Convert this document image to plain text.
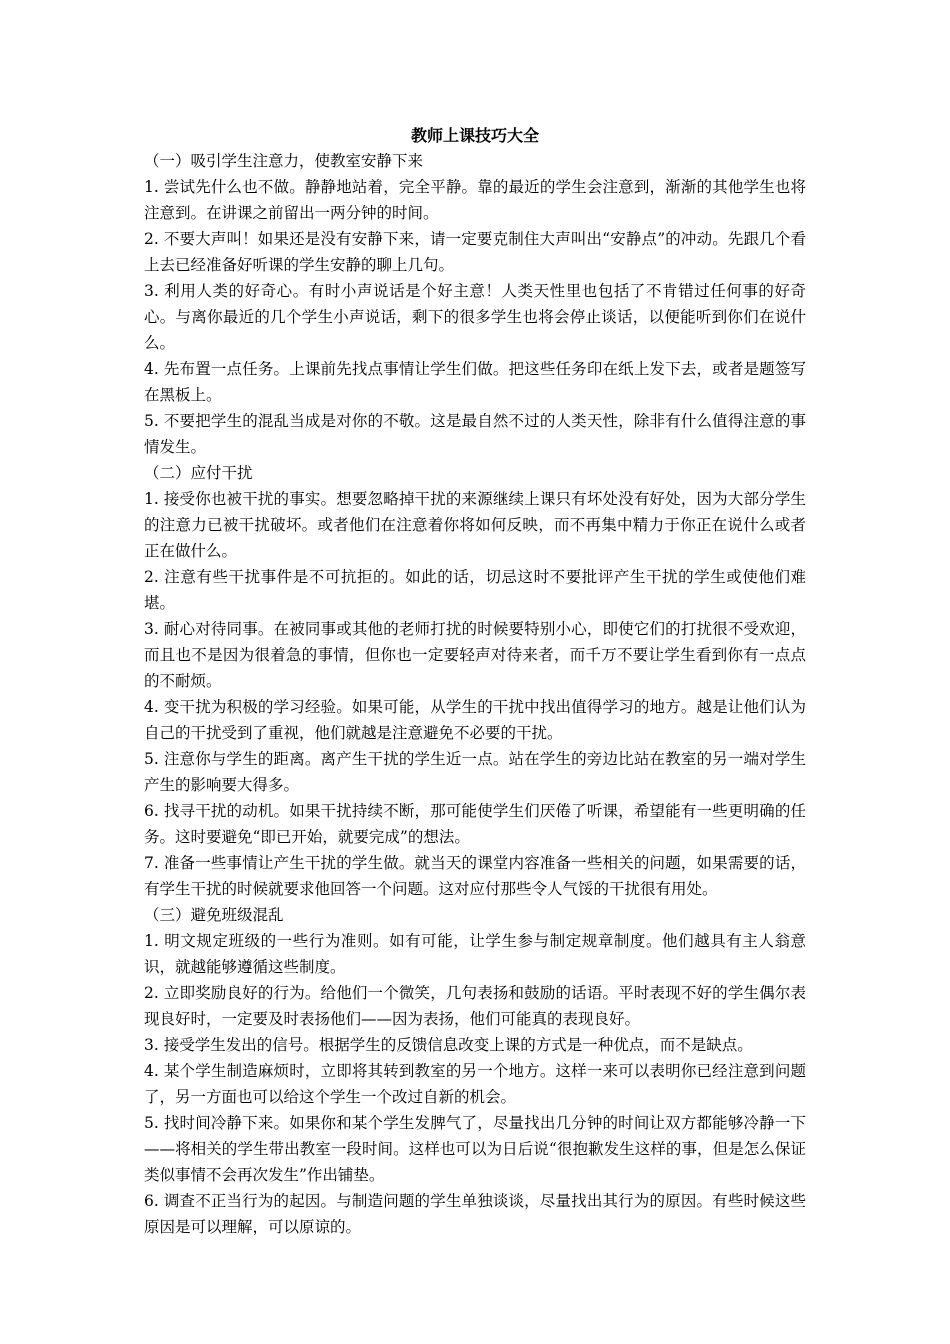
教师上课技巧大全

（一）吸引学生注意力，使教室安静下来

1. 尝试先什么也不做。静静地站着，完全平静。靠的最近的学生会注意到，渐渐的其他学生也将注意到。在讲课之前留出一两分钟的时间。

2. 不要大声叫！如果还是没有安静下来，请一定要克制住大声叫出“安静点”的冲动。先跟几个看上去已经准备好听课的学生安静的聊上几句。

3. 利用人类的好奇心。有时小声说话是个好主意！人类天性里也包括了不肯错过任何事的好奇心。与离你最近的几个学生小声说话，剩下的很多学生也将会停止谈话，以便能听到你们在说什么。

4. 先布置一点任务。上课前先找点事情让学生们做。把这些任务印在纸上发下去，或者是题签写在黑板上。

5. 不要把学生的混乱当成是对你的不敬。这是最自然不过的人类天性，除非有什么值得注意的事情发生。

（二）应付干扰

1. 接受你也被干扰的事实。想要忽略掉干扰的来源继续上课只有坏处没有好处，因为大部分学生的注意力已被干扰破坏。或者他们在注意着你将如何反映，而不再集中精力于你正在说什么或者正在做什么。

2. 注意有些干扰事件是不可抗拒的。如此的话，切忌这时不要批评产生干扰的学生或使他们难堪。

3. 耐心对待同事。在被同事或其他的老师打扰的时候要特别小心，即使它们的打扰很不受欢迎，而且也不是因为很着急的事情，但你也一定要轻声对待来者，而千万不要让学生看到你有一点点的不耐烦。

4. 变干扰为积极的学习经验。如果可能，从学生的干扰中找出值得学习的地方。越是让他们认为自己的干扰受到了重视，他们就越是注意避免不必要的干扰。

5. 注意你与学生的距离。离产生干扰的学生近一点。站在学生的旁边比站在教室的另一端对学生产生的影响要大得多。

6. 找寻干扰的动机。如果干扰持续不断，那可能使学生们厌倦了听课，希望能有一些更明确的任务。这时要避免“即已开始，就要完成”的想法。

7. 准备一些事情让产生干扰的学生做。就当天的课堂内容准备一些相关的问题，如果需要的话，有学生干扰的时候就要求他回答一个问题。这对应付那些令人气馁的干扰很有用处。

（三）避免班级混乱

1. 明文规定班级的一些行为准则。如有可能，让学生参与制定规章制度。他们越具有主人翁意识，就越能够遵循这些制度。

2. 立即奖励良好的行为。给他们一个微笑，几句表扬和鼓励的话语。平时表现不好的学生偶尔表现良好时，一定要及时表扬他们——因为表扬，他们可能真的表现良好。

3. 接受学生发出的信号。根据学生的反馈信息改变上课的方式是一种优点，而不是缺点。

4. 某个学生制造麻烦时，立即将其转到教室的另一个地方。这样一来可以表明你已经注意到问题了，另一方面也可以给这个学生一个改过自新的机会。

5. 找时间冷静下来。如果你和某个学生发脾气了，尽量找出几分钟的时间让双方都能够冷静一下——将相关的学生带出教室一段时间。这样也可以为日后说“很抱歉发生这样的事，但是怎么保证类似事情不会再次发生”作出铺垫。

6. 调查不正当行为的起因。与制造问题的学生单独谈谈，尽量找出其行为的原因。有些时候这些原因是可以理解，可以原谅的。
